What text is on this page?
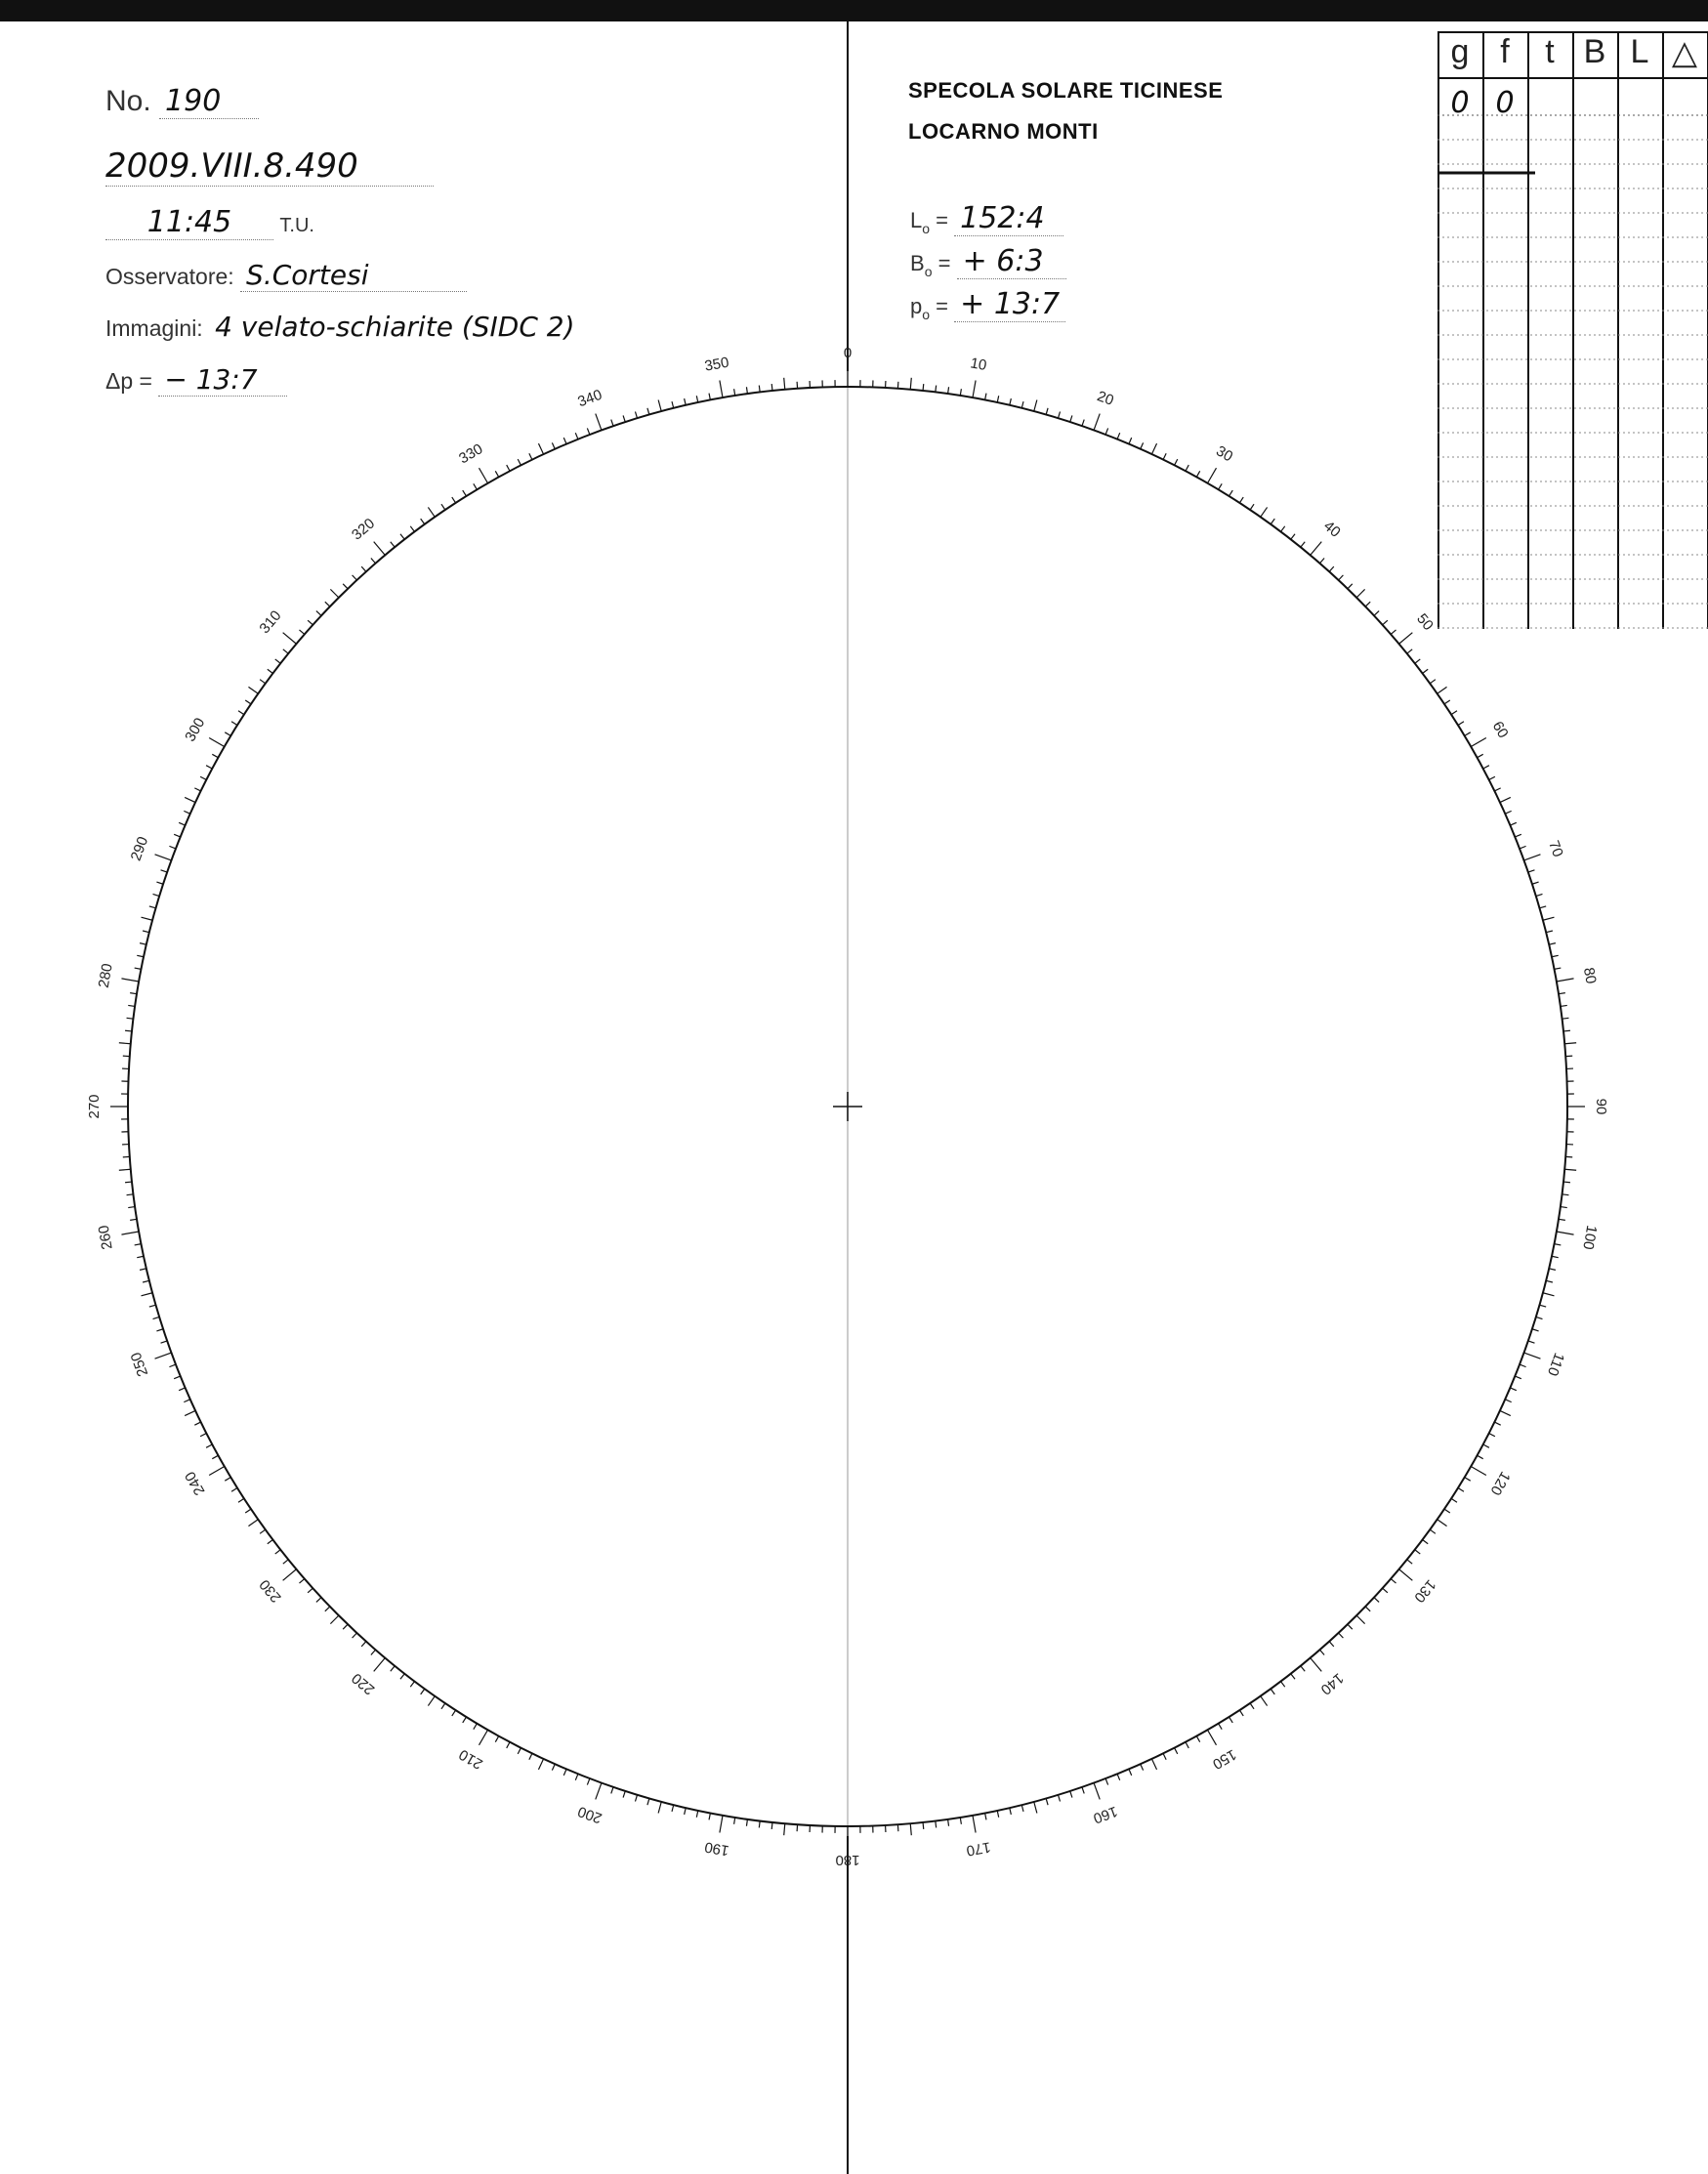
No. 190
2009.VIII.8.490
11:45 T.U.
Osservatore: S.Cortesi
Immagini: 4 velato-schiarite (SIDC 2)
Δp = − 13:7
SPECOLA SOLARE TICINESE
LOCARNO MONTI
$L_o$ = 152:4
$B_o$ = + 6:3
$p_o$ = + 13:7
0
10
20
30
40
50
60
70
80
90
100
110
120
130
140
150
160
170
180
190
200
210
220
230
240
250
260
270
280
290
300
310
320
330
340
350
g f	t B L △
0 0
